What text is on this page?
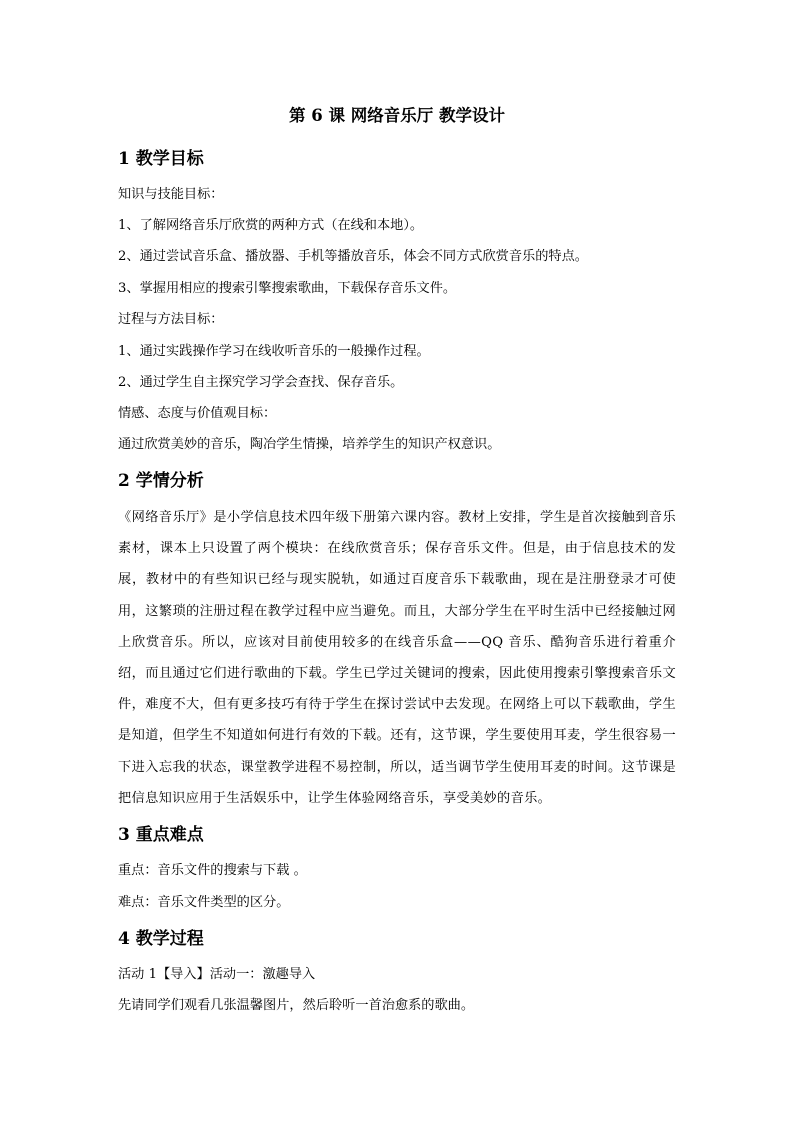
第 6 课 网络音乐厅 教学设计
1 教学目标

知识与技能目标：

1、了解网络音乐厅欣赏的两种方式（在线和本地）。

2、通过尝试音乐盒、播放器、手机等播放音乐，体会不同方式欣赏音乐的特点。

3、掌握用相应的搜索引擎搜索歌曲，下载保存音乐文件。

过程与方法目标：

1、通过实践操作学习在线收听音乐的一般操作过程。

2、通过学生自主探究学习学会查找、保存音乐。

情感、态度与价值观目标：

通过欣赏美妙的音乐，陶冶学生情操，培养学生的知识产权意识。

2 学情分析

《网络音乐厅》是小学信息技术四年级下册第六课内容。教材上安排，学生是首次接触到音乐素材，课本上只设置了两个模块：在线欣赏音乐；保存音乐文件。但是，由于信息技术的发展，教材中的有些知识已经与现实脱轨，如通过百度音乐下载歌曲，现在是注册登录才可使用，这繁琐的注册过程在教学过程中应当避免。而且，大部分学生在平时生活中已经接触过网上欣赏音乐。所以，应该对目前使用较多的在线音乐盒——QQ 音乐、酷狗音乐进行着重介绍，而且通过它们进行歌曲的下载。学生已学过关键词的搜索，因此使用搜索引擎搜索音乐文件，难度不大，但有更多技巧有待于学生在探讨尝试中去发现。在网络上可以下载歌曲，学生是知道，但学生不知道如何进行有效的下载。还有，这节课，学生要使用耳麦，学生很容易一下进入忘我的状态，课堂教学进程不易控制，所以，适当调节学生使用耳麦的时间。这节课是把信息知识应用于生活娱乐中，让学生体验网络音乐，享受美妙的音乐。

3 重点难点

重点：音乐文件的搜索与下载 。

难点：音乐文件类型的区分。

4 教学过程

活动 1【导入】活动一：激趣导入

先请同学们观看几张温馨图片，然后聆听一首治愈系的歌曲。
